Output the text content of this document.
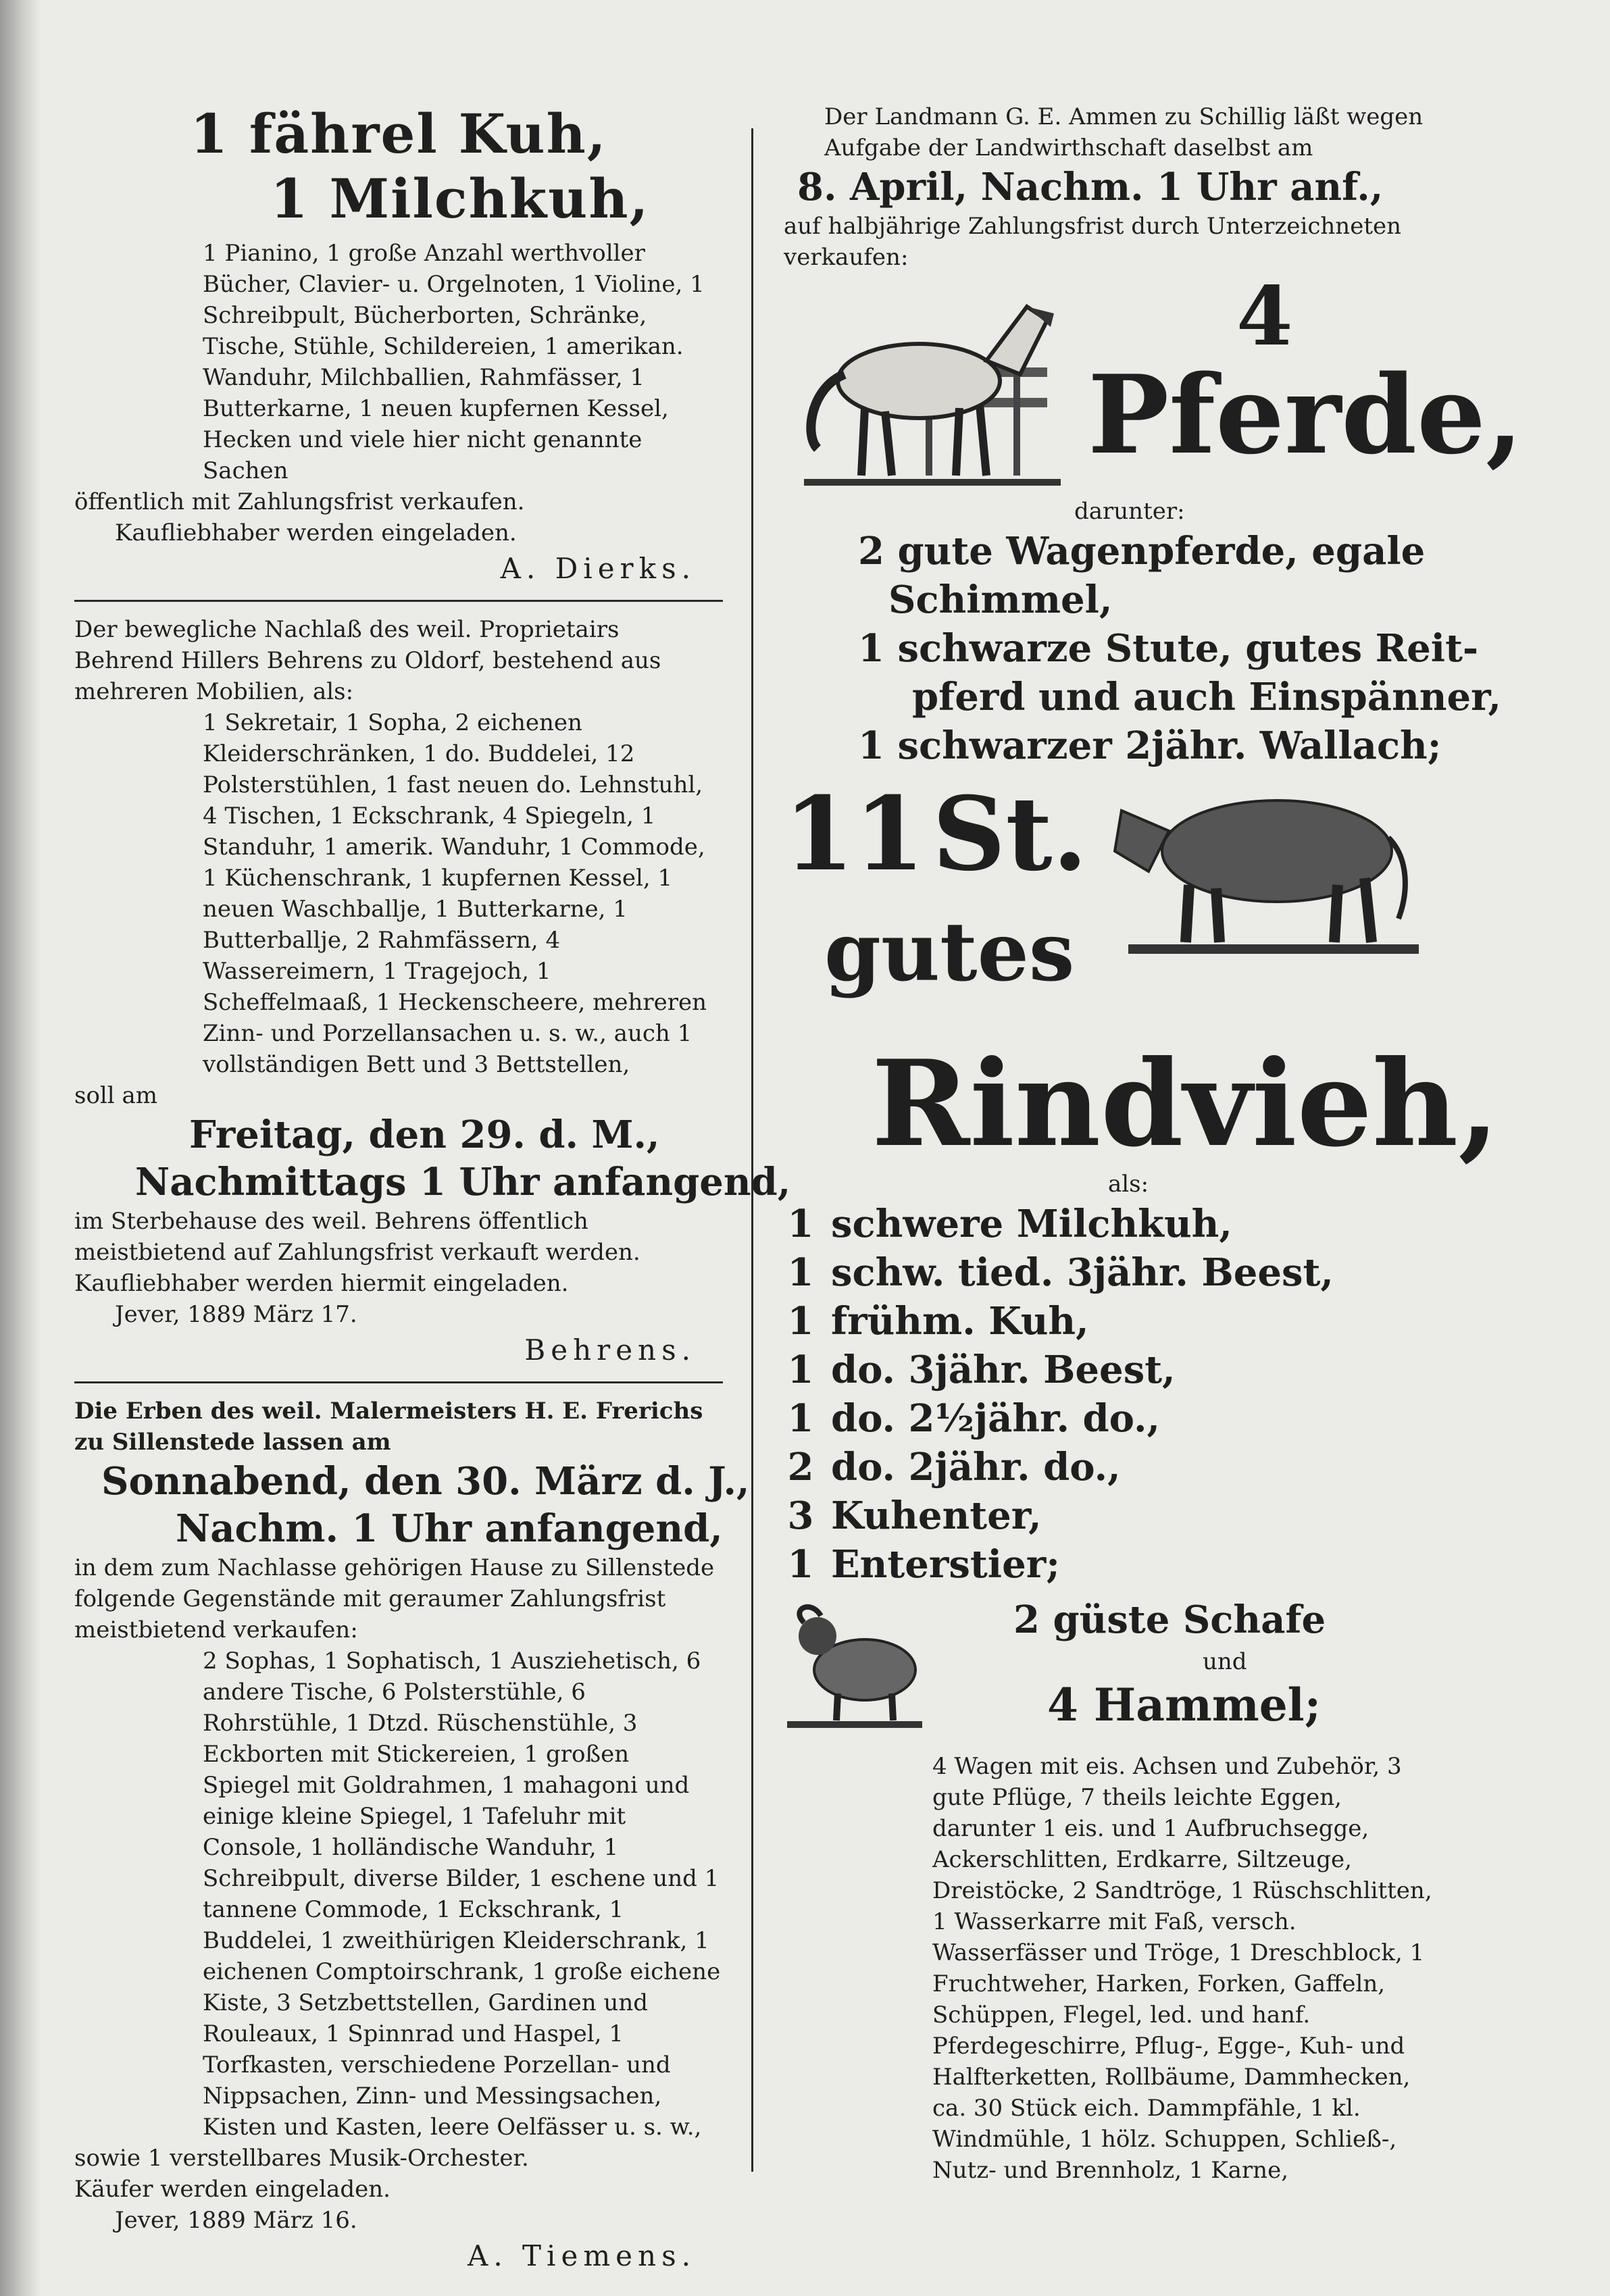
1 fährel Kuh,

1 Milchkuh,

1 Pianino, 1 große Anzahl werthvoller Bücher, Clavier- u. Orgelnoten, 1 Violine, 1 Schreibpult, Bücherborten, Schränke, Tische, Stühle, Schildereien, 1 amerikan. Wanduhr, Milchballien, Rahmfässer, 1 Butterkarne, 1 neuen kupfernen Kessel, Hecken und viele hier nicht genannte Sachen

öffentlich mit Zahlungsfrist verkaufen.

Kaufliebhaber werden eingeladen.

A. Dierks.

Der bewegliche Nachlaß des weil. Proprietairs Behrend Hillers Behrens zu Oldorf, bestehend aus mehreren Mobilien, als:

1 Sekretair, 1 Sopha, 2 eichenen Kleiderschränken, 1 do. Buddelei, 12 Polsterstühlen, 1 fast neuen do. Lehnstuhl, 4 Tischen, 1 Eckschrank, 4 Spiegeln, 1 Standuhr, 1 amerik. Wanduhr, 1 Commode, 1 Küchenschrank, 1 kupfernen Kessel, 1 neuen Waschballje, 1 Butterkarne, 1 Butterballje, 2 Rahmfässern, 4 Wassereimern, 1 Tragejoch, 1 Scheffelmaaß, 1 Heckenscheere, mehreren Zinn- und Porzellansachen u. s. w., auch 1 vollständigen Bett und 3 Bettstellen,

soll am

Freitag, den 29. d. M.,

Nachmittags 1 Uhr anfangend,

im Sterbehause des weil. Behrens öffentlich meistbietend auf Zahlungsfrist verkauft werden. Kaufliebhaber werden hiermit eingeladen.

Jever, 1889 März 17.

Behrens.

Die Erben des weil. Malermeisters H. E. Frerichs zu Sillenstede lassen am

Sonnabend, den 30. März d. J.,

Nachm. 1 Uhr anfangend,

in dem zum Nachlasse gehörigen Hause zu Sillenstede folgende Gegenstände mit geraumer Zahlungsfrist meistbietend verkaufen:

2 Sophas, 1 Sophatisch, 1 Ausziehetisch, 6 andere Tische, 6 Polsterstühle, 6 Rohrstühle, 1 Dtzd. Rüschenstühle, 3 Eckborten mit Stickereien, 1 großen Spiegel mit Goldrahmen, 1 mahagoni und einige kleine Spiegel, 1 Tafeluhr mit Console, 1 holländische Wanduhr, 1 Schreibpult, diverse Bilder, 1 eschene und 1 tannene Commode, 1 Eckschrank, 1 Buddelei, 1 zweithürigen Kleiderschrank, 1 eichenen Comptoirschrank, 1 große eichene Kiste, 3 Setzbettstellen, Gardinen und Rouleaux, 1 Spinnrad und Haspel, 1 Torfkasten, verschiedene Porzellan- und Nippsachen, Zinn- und Messingsachen, Kisten und Kasten, leere Oelfässer u. s. w.,

sowie 1 verstellbares Musik-Orchester.

Käufer werden eingeladen.

Jever, 1889 März 16.

A. Tiemens.

Der Landmann G. E. Ammen zu Schillig läßt wegen Aufgabe der Landwirthschaft daselbst am

8. April, Nachm. 1 Uhr anf.,

auf halbjährige Zahlungsfrist durch Unterzeichneten verkaufen:

4
Pferde,

darunter:

2 gute Wagenpferde, egale

Schimmel,

1 schwarze Stute, gutes Reit-

pferd und auch Einspänner,

1 schwarzer 2jähr. Wallach;

11 St.
gutes

Rindvieh,

als:

1 schwere Milchkuh,

1 schw. tied. 3jähr. Beest,

1 frühm. Kuh,

1 do. 3jähr. Beest,

1 do. 2½jähr. do.,

2 do. 2jähr. do.,

3 Kuhenter,

1 Enterstier;

2 güste Schafe

und

4 Hammel;

4 Wagen mit eis. Achsen und Zubehör, 3 gute Pflüge, 7 theils leichte Eggen, darunter 1 eis. und 1 Aufbruchsegge, Ackerschlitten, Erdkarre, Siltzeuge, Dreistöcke, 2 Sandtröge, 1 Rüschschlitten, 1 Wasserkarre mit Faß, versch. Wasserfässer und Tröge, 1 Dreschblock, 1 Fruchtweher, Harken, Forken, Gaffeln, Schüppen, Flegel, led. und hanf. Pferdegeschirre, Pflug-, Egge-, Kuh- und Halfterketten, Rollbäume, Dammhecken, ca. 30 Stück eich. Dammpfähle, 1 kl. Windmühle, 1 hölz. Schuppen, Schließ-, Nutz- und Brennholz, 1 Karne,
